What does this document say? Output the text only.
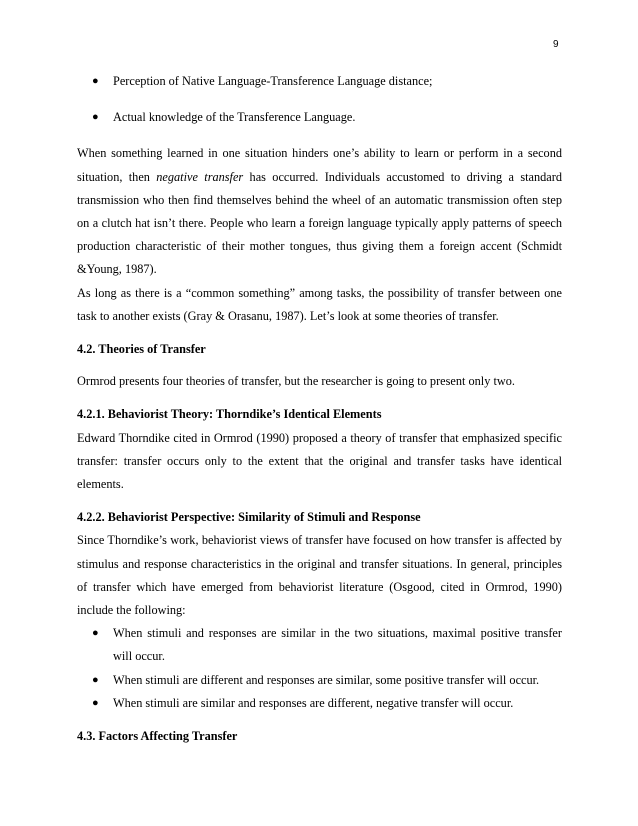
9
● Perception of Native Language-Transference Language distance;
● Actual knowledge of the Transference Language.

When something learned in one situation hinders one’s ability to learn or perform in a second situation, then negative transfer has occurred. Individuals accustomed to driving a standard transmission who then find themselves behind the wheel of an automatic transmission often step on a clutch hat isn’t there. People who learn a foreign language typically apply patterns of speech production characteristic of their mother tongues, thus giving them a foreign accent (Schmidt &Young, 1987).

As long as there is a “common something” among tasks, the possibility of transfer between one task to another exists (Gray & Orasanu, 1987). Let’s look at some theories of transfer.

4.2. Theories of Transfer

Ormrod presents four theories of transfer, but the researcher is going to present only two.

4.2.1. Behaviorist Theory: Thorndike’s Identical Elements

Edward Thorndike cited in Ormrod (1990) proposed a theory of transfer that emphasized specific transfer: transfer occurs only to the extent that the original and transfer tasks have identical elements.

4.2.2. Behaviorist Perspective: Similarity of Stimuli and Response

Since Thorndike’s work, behaviorist views of transfer have focused on how transfer is affected by stimulus and response characteristics in the original and transfer situations. In general, principles of transfer which have emerged from behaviorist literature (Osgood, cited in Ormrod, 1990) include the following:

● When stimuli and responses are similar in the two situations, maximal positive transfer will occur.
● When stimuli are different and responses are similar, some positive transfer will occur.
● When stimuli are similar and responses are different, negative transfer will occur.

4.3. Factors Affecting Transfer
